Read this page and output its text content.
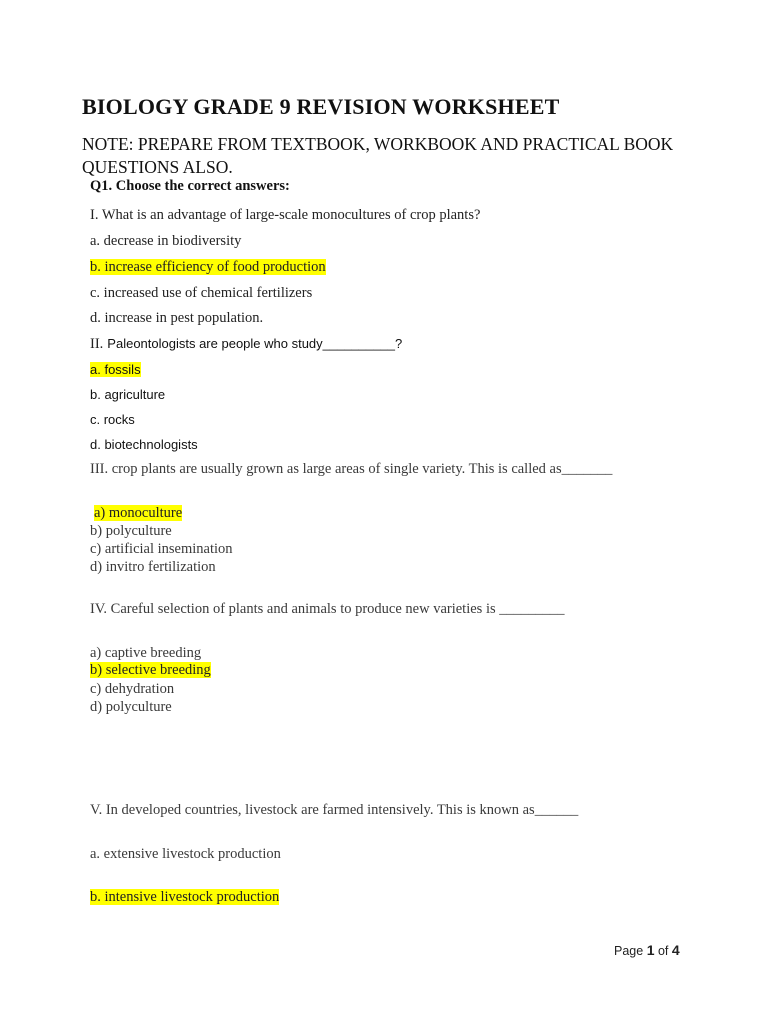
BIOLOGY GRADE 9 REVISION WORKSHEET

NOTE: PREPARE FROM TEXTBOOK, WORKBOOK AND PRACTICAL BOOK QUESTIONS ALSO.

Q1. Choose the correct answers:

I. What is an advantage of large-scale monocultures of crop plants?

a. decrease in biodiversity

b. increase efficiency of food production

c. increased use of chemical fertilizers

d. increase in pest population.

II. Paleontologists are people who study__________?

a. fossils

b. agriculture

c. rocks

d. biotechnologists

III. crop plants are usually grown as large areas of single variety. This is called as_______

a) monoculture

b) polyculture

c) artificial insemination

d) invitro fertilization

IV. Careful selection of plants and animals to produce new varieties is _________

a) captive breeding

b) selective breeding

c) dehydration

d) polyculture

V. In developed countries, livestock are farmed intensively. This is known as______

a. extensive livestock production

b. intensive livestock production

Page 1 of 4
